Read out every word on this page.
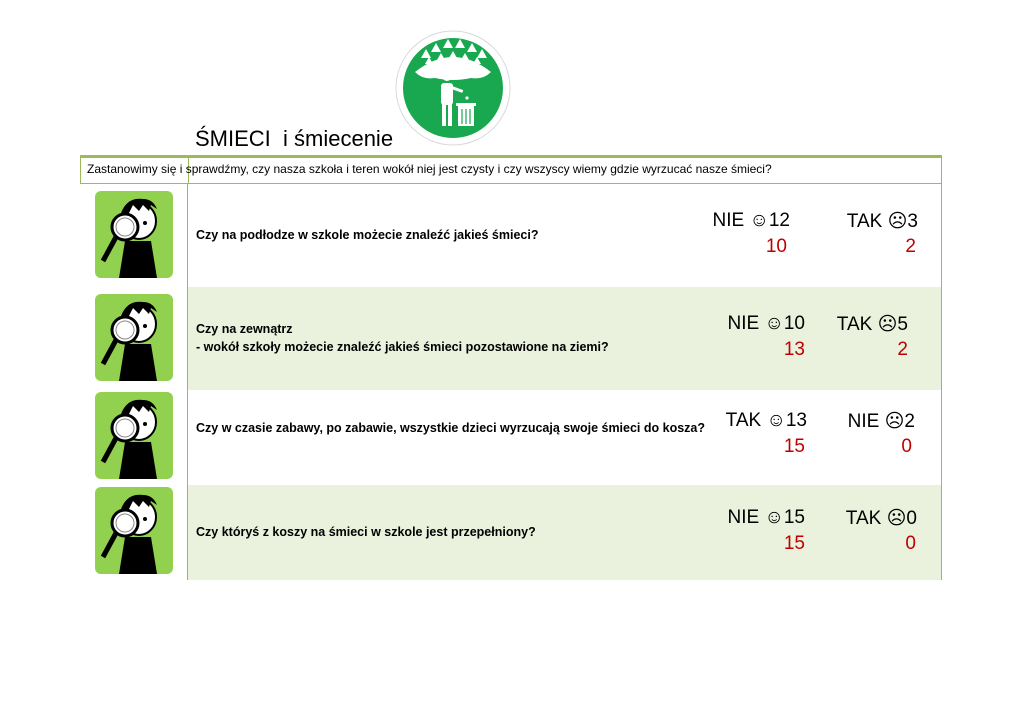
ŚMIECI  i śmiecenie
Zastanowimy się i sprawdźmy, czy nasza szkoła i teren wokół niej jest czysty i czy wszyscy wiemy gdzie wyrzucać nasze śmieci?
Czy na podłodze w szkole możecie znaleźć jakieś śmieci?
NIE ☺12	TAK ☹3
10	2
Czy na zewnątrz
- wokół szkoły możecie znaleźć jakieś śmieci pozostawione na ziemi?
NIE ☺10 TAK ☹5
13	2
Czy w czasie zabawy, po zabawie, wszystkie dzieci wyrzucają swoje śmieci do kosza? TAK ☺13 NIE ☹2
15	0
Czy któryś z koszy na śmieci w szkole jest przepełniony?
NIE ☺15 TAK ☹0
15	0
